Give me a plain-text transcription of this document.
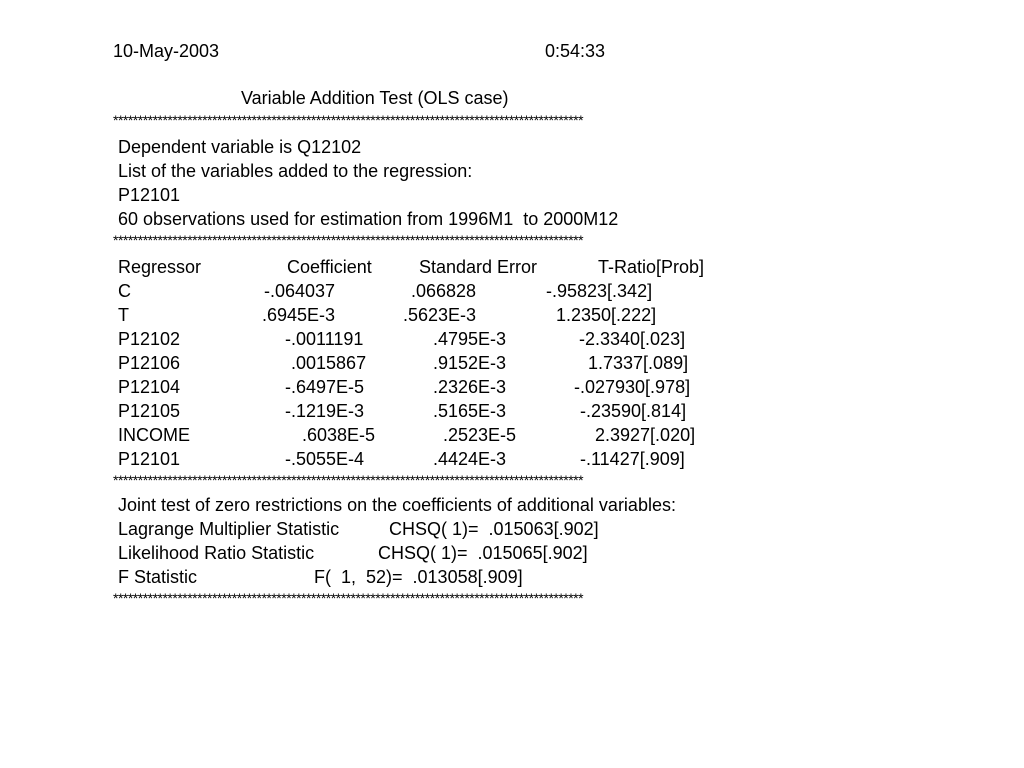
10-May-2003	0:54:33
Variable Addition Test (OLS case)
***********************************************************************************************
Dependent variable is Q12102
List of the variables added to the regression:
P12101
60 observations used for estimation from 1996M1  to 2000M12
***********************************************************************************************
Regressor	Coefficient	Standard Error	T-Ratio[Prob]
C	-.064037	.066828	-.95823[.342]
T	.6945E-3	.5623E-3	1.2350[.222]
P12102	-.0011191	.4795E-3	-2.3340[.023]
P12106	.0015867	.9152E-3	1.7337[.089]
P12104	-.6497E-5	.2326E-3	-.027930[.978]
P12105	-.1219E-3	.5165E-3	-.23590[.814]
INCOME	.6038E-5	.2523E-5	2.3927[.020]
P12101	-.5055E-4	.4424E-3	-.11427[.909]
***********************************************************************************************
Joint test of zero restrictions on the coefficients of additional variables:
Lagrange Multiplier Statistic	CHSQ( 1)=  .015063[.902]
Likelihood Ratio Statistic	CHSQ( 1)=  .015065[.902]
F Statistic	F(  1,  52)=  .013058[.909]
***********************************************************************************************
